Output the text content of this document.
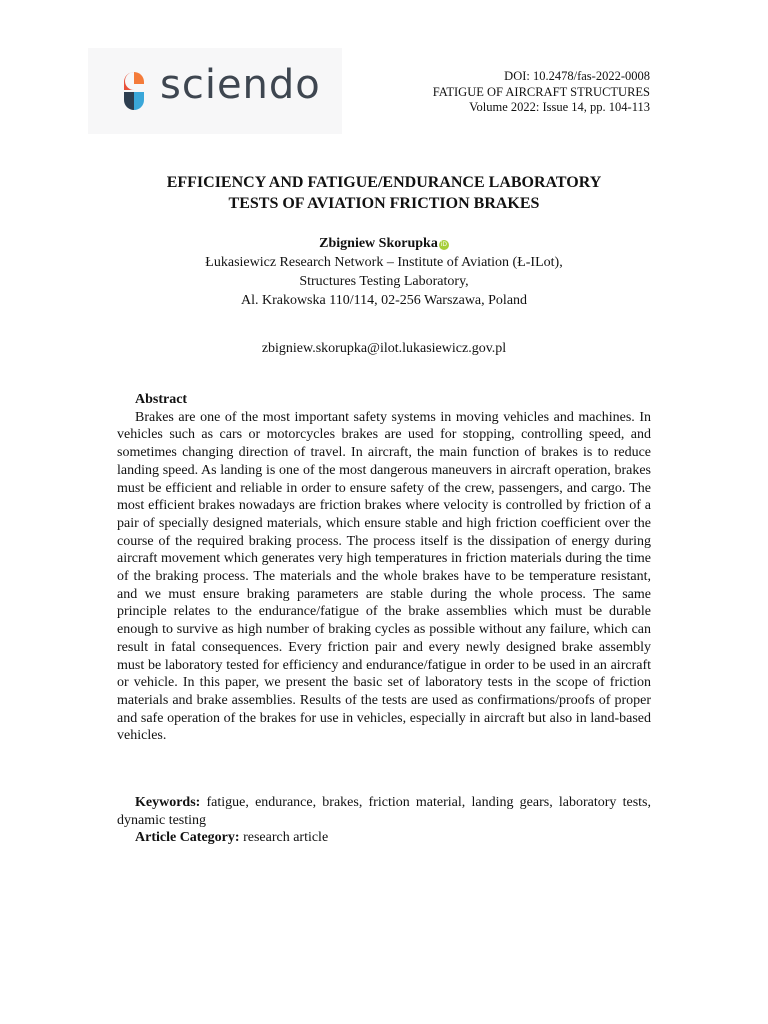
sciendo	DOI: 10.2478/fas-2022-0008
FATIGUE OF AIRCRAFT STRUCTURES
Volume 2022: Issue 14, pp. 104-113
EFFICIENCY AND FATIGUE/ENDURANCE LABORATORY
TESTS OF AVIATION FRICTION BRAKES
Zbigniew Skorupka iD
Łukasiewicz Research Network – Institute of Aviation (Ł-ILot),
Structures Testing Laboratory,
Al. Krakowska 110/114, 02-256 Warszawa, Poland
zbigniew.skorupka@ilot.lukasiewicz.gov.pl
Abstract

Brakes are one of the most important safety systems in moving vehicles and machines. In vehicles such as cars or motorcycles brakes are used for stopping, controlling speed, and sometimes changing direction of travel. In aircraft, the main function of brakes is to reduce landing speed. As landing is one of the most dangerous maneuvers in aircraft operation, brakes must be efficient and reliable in order to ensure safety of the crew, passengers, and cargo. The most efficient brakes nowadays are friction brakes where velocity is controlled by friction of a pair of specially designed materials, which ensure stable and high friction coefficient over the course of the required braking process. The process itself is the dissipation of energy during aircraft movement which generates very high temperatures in friction materials during the time of the braking process. The materials and the whole brakes have to be temperature resistant, and we must ensure braking parameters are stable during the whole process. The same principle relates to the endurance/fatigue of the brake assemblies which must be durable enough to survive as high number of braking cycles as possible without any failure, which can result in fatal consequences. Every friction pair and every newly designed brake assembly must be laboratory tested for efficiency and endurance/fatigue in order to be used in an aircraft or vehicle. In this paper, we present the basic set of laboratory tests in the scope of friction materials and brake assemblies. Results of the tests are used as confirmations/proofs of proper and safe operation of the brakes for use in vehicles, especially in aircraft but also in land-based vehicles.

Keywords: fatigue, endurance, brakes, friction material, landing gears, laboratory tests, dynamic testing

Article Category: research article
